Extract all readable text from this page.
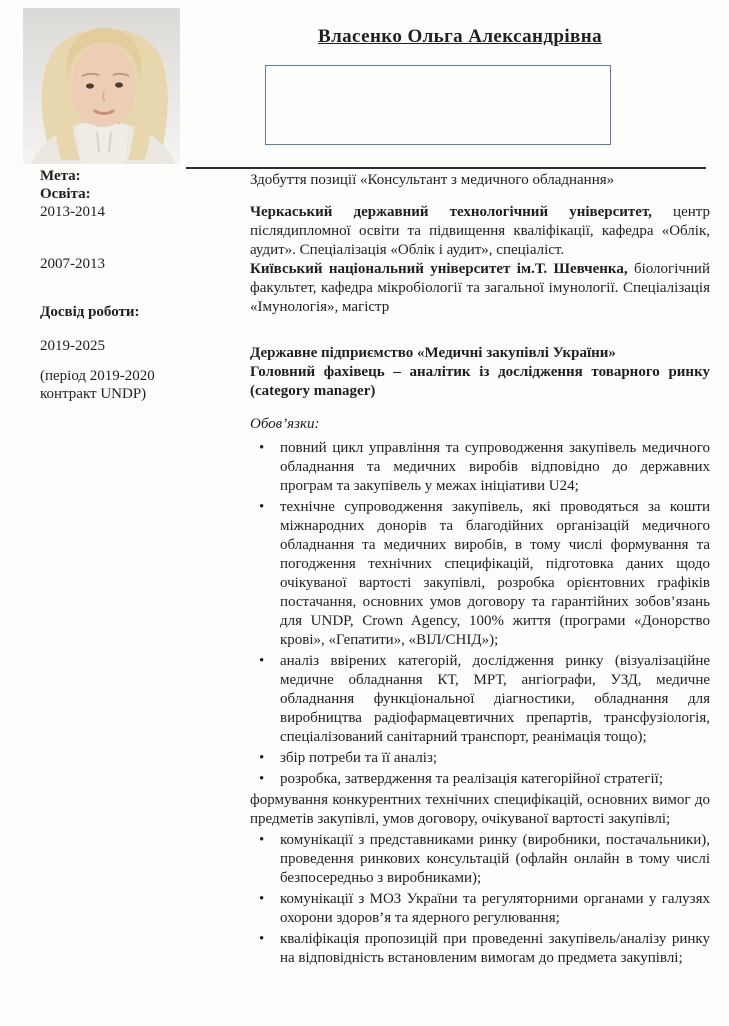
Власенко Ольга Александрівна
Мета:
Освіта:
2013-2014
2007-2013
Досвід роботи:
2019-2025
(період 2019-2020 контракт UNDP)

Здобуття позиції «Консультант з медичного обладнання»

Черкаський державний технологічний університет, центр післядипломної освіти та підвищення кваліфікації, кафедра «Облік, аудит». Спеціалізація «Облік і аудит», спеціаліст.

Київський національний університет ім.Т. Шевченка, біологічний факультет, кафедра мікробіології та загальної імунології. Спеціалізація «Імунологія», магістр

Державне підприємство «Медичні закупівлі України»

Головний фахівець – аналітик із дослідження товарного ринку (category manager)

Обов’язки:

• повний цикл управління та супроводження закупівель медичного обладнання та медичних виробів відповідно до державних програм та закупівель у межах ініціативи U24;
• технічне супроводження закупівель, які проводяться за кошти міжнародних донорів та благодійних організацій медичного обладнання та медичних виробів, в тому числі формування та погодження технічних специфікацій, підготовка даних щодо очікуваної вартості закупівлі, розробка орієнтовних графіків постачання, основних умов договору та гарантійних зобов’язань для UNDP, Crown Agency, 100% життя (програми «Донорство крові», «Гепатити», «ВІЛ/СНІД»);
• аналіз ввірених категорій, дослідження ринку (візуалізаційне медичне обладнання КТ, МРТ, ангіографи, УЗД, медичне обладнання функціональної діагностики, обладнання для виробництва радіофармацевтичних препартів, трансфузіологія, спеціалізований санітарний транспорт, реанімація тощо);
• збір потреби та її аналіз;
• розробка, затвердження та реалізація категорійної стратегії;

формування конкурентних технічних специфікацій, основних вимог до предметів закупівлі, умов договору, очікуваної вартості закупівлі;

• комунікації з представниками ринку (виробники, постачальники), проведення ринкових консультацій (офлайн онлайн в тому числі безпосередньо з виробниками);
• комунікації з МОЗ України та регуляторними органами у галузях охорони здоров’я та ядерного регулювання;
• кваліфікація пропозицій при проведенні закупівель/аналізу ринку на відповідність встановленим вимогам до предмета закупівлі;
